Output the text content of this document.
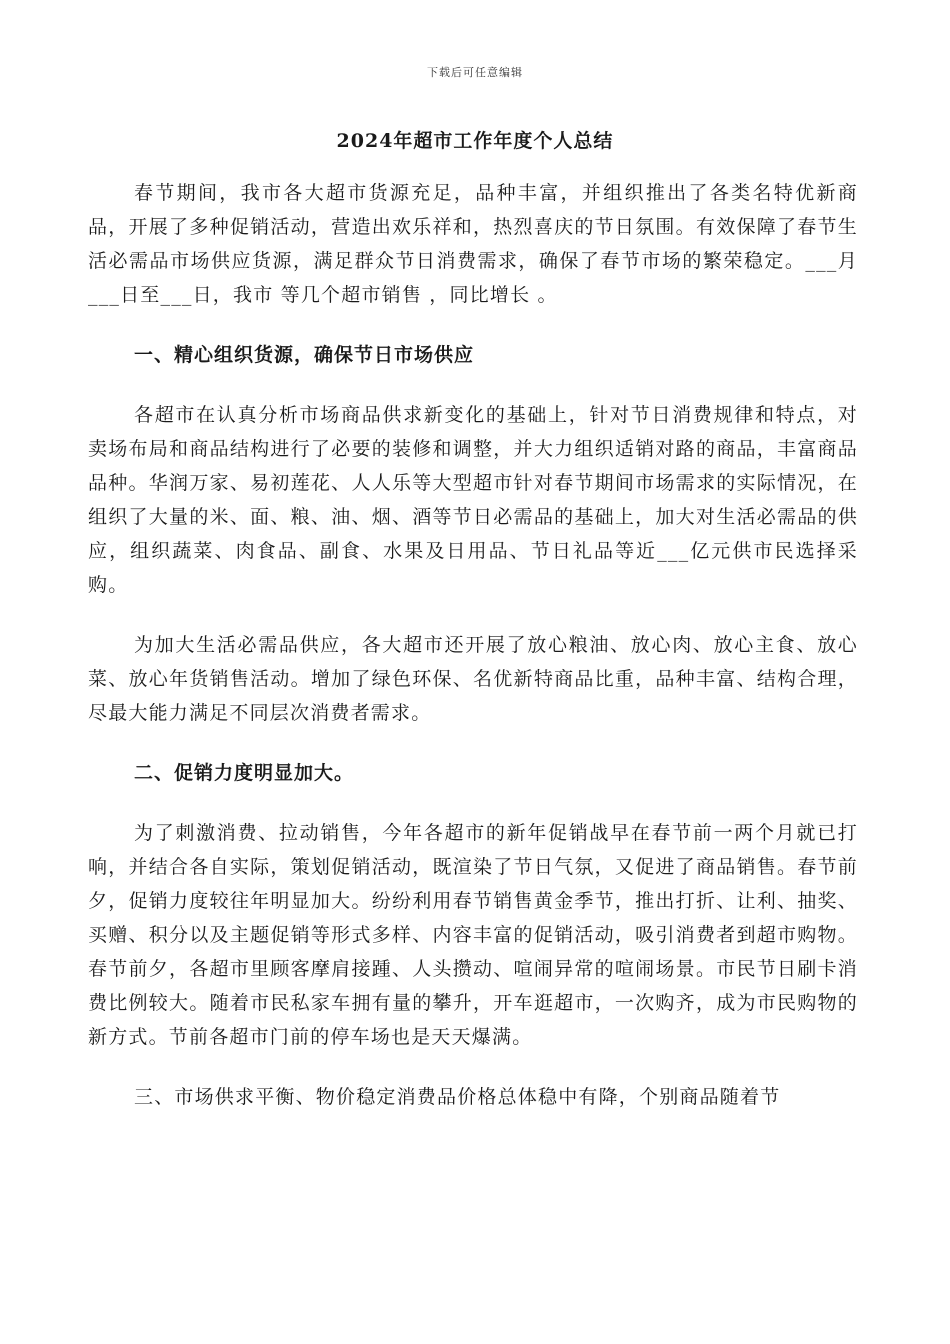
下载后可任意编辑
2024年超市工作年度个人总结

春节期间，我市各大超市货源充足，品种丰富，并组织推出了各类名特优新商品，开展了多种促销活动，营造出欢乐祥和，热烈喜庆的节日氛围。有效保障了春节生活必需品市场供应货源，满足群众节日消费需求，确保了春节市场的繁荣稳定。___月___日至___日，我市 等几个超市销售 ，同比增长 。

一、精心组织货源，确保节日市场供应

各超市在认真分析市场商品供求新变化的基础上，针对节日消费规律和特点，对卖场布局和商品结构进行了必要的装修和调整，并大力组织适销对路的商品，丰富商品品种。华润万家、易初莲花、人人乐等大型超市针对春节期间市场需求的实际情况，在组织了大量的米、面、粮、油、烟、酒等节日必需品的基础上，加大对生活必需品的供应，组织蔬菜、肉食品、副食、水果及日用品、节日礼品等近___亿元供市民选择采购。

为加大生活必需品供应，各大超市还开展了放心粮油、放心肉、放心主食、放心菜、放心年货销售活动。增加了绿色环保、名优新特商品比重，品种丰富、结构合理，尽最大能力满足不同层次消费者需求。

二、促销力度明显加大。

为了刺激消费、拉动销售，今年各超市的新年促销战早在春节前一两个月就已打响，并结合各自实际，策划促销活动，既渲染了节日气氛，又促进了商品销售。春节前夕，促销力度较往年明显加大。纷纷利用春节销售黄金季节，推出打折、让利、抽奖、买赠、积分以及主题促销等形式多样、内容丰富的促销活动，吸引消费者到超市购物。春节前夕，各超市里顾客摩肩接踵、人头攒动、喧闹异常的喧闹场景。市民节日刷卡消费比例较大。随着市民私家车拥有量的攀升，开车逛超市，一次购齐，成为市民购物的新方式。节前各超市门前的停车场也是天天爆满。

三、市场供求平衡、物价稳定消费品价格总体稳中有降，个别商品随着节
